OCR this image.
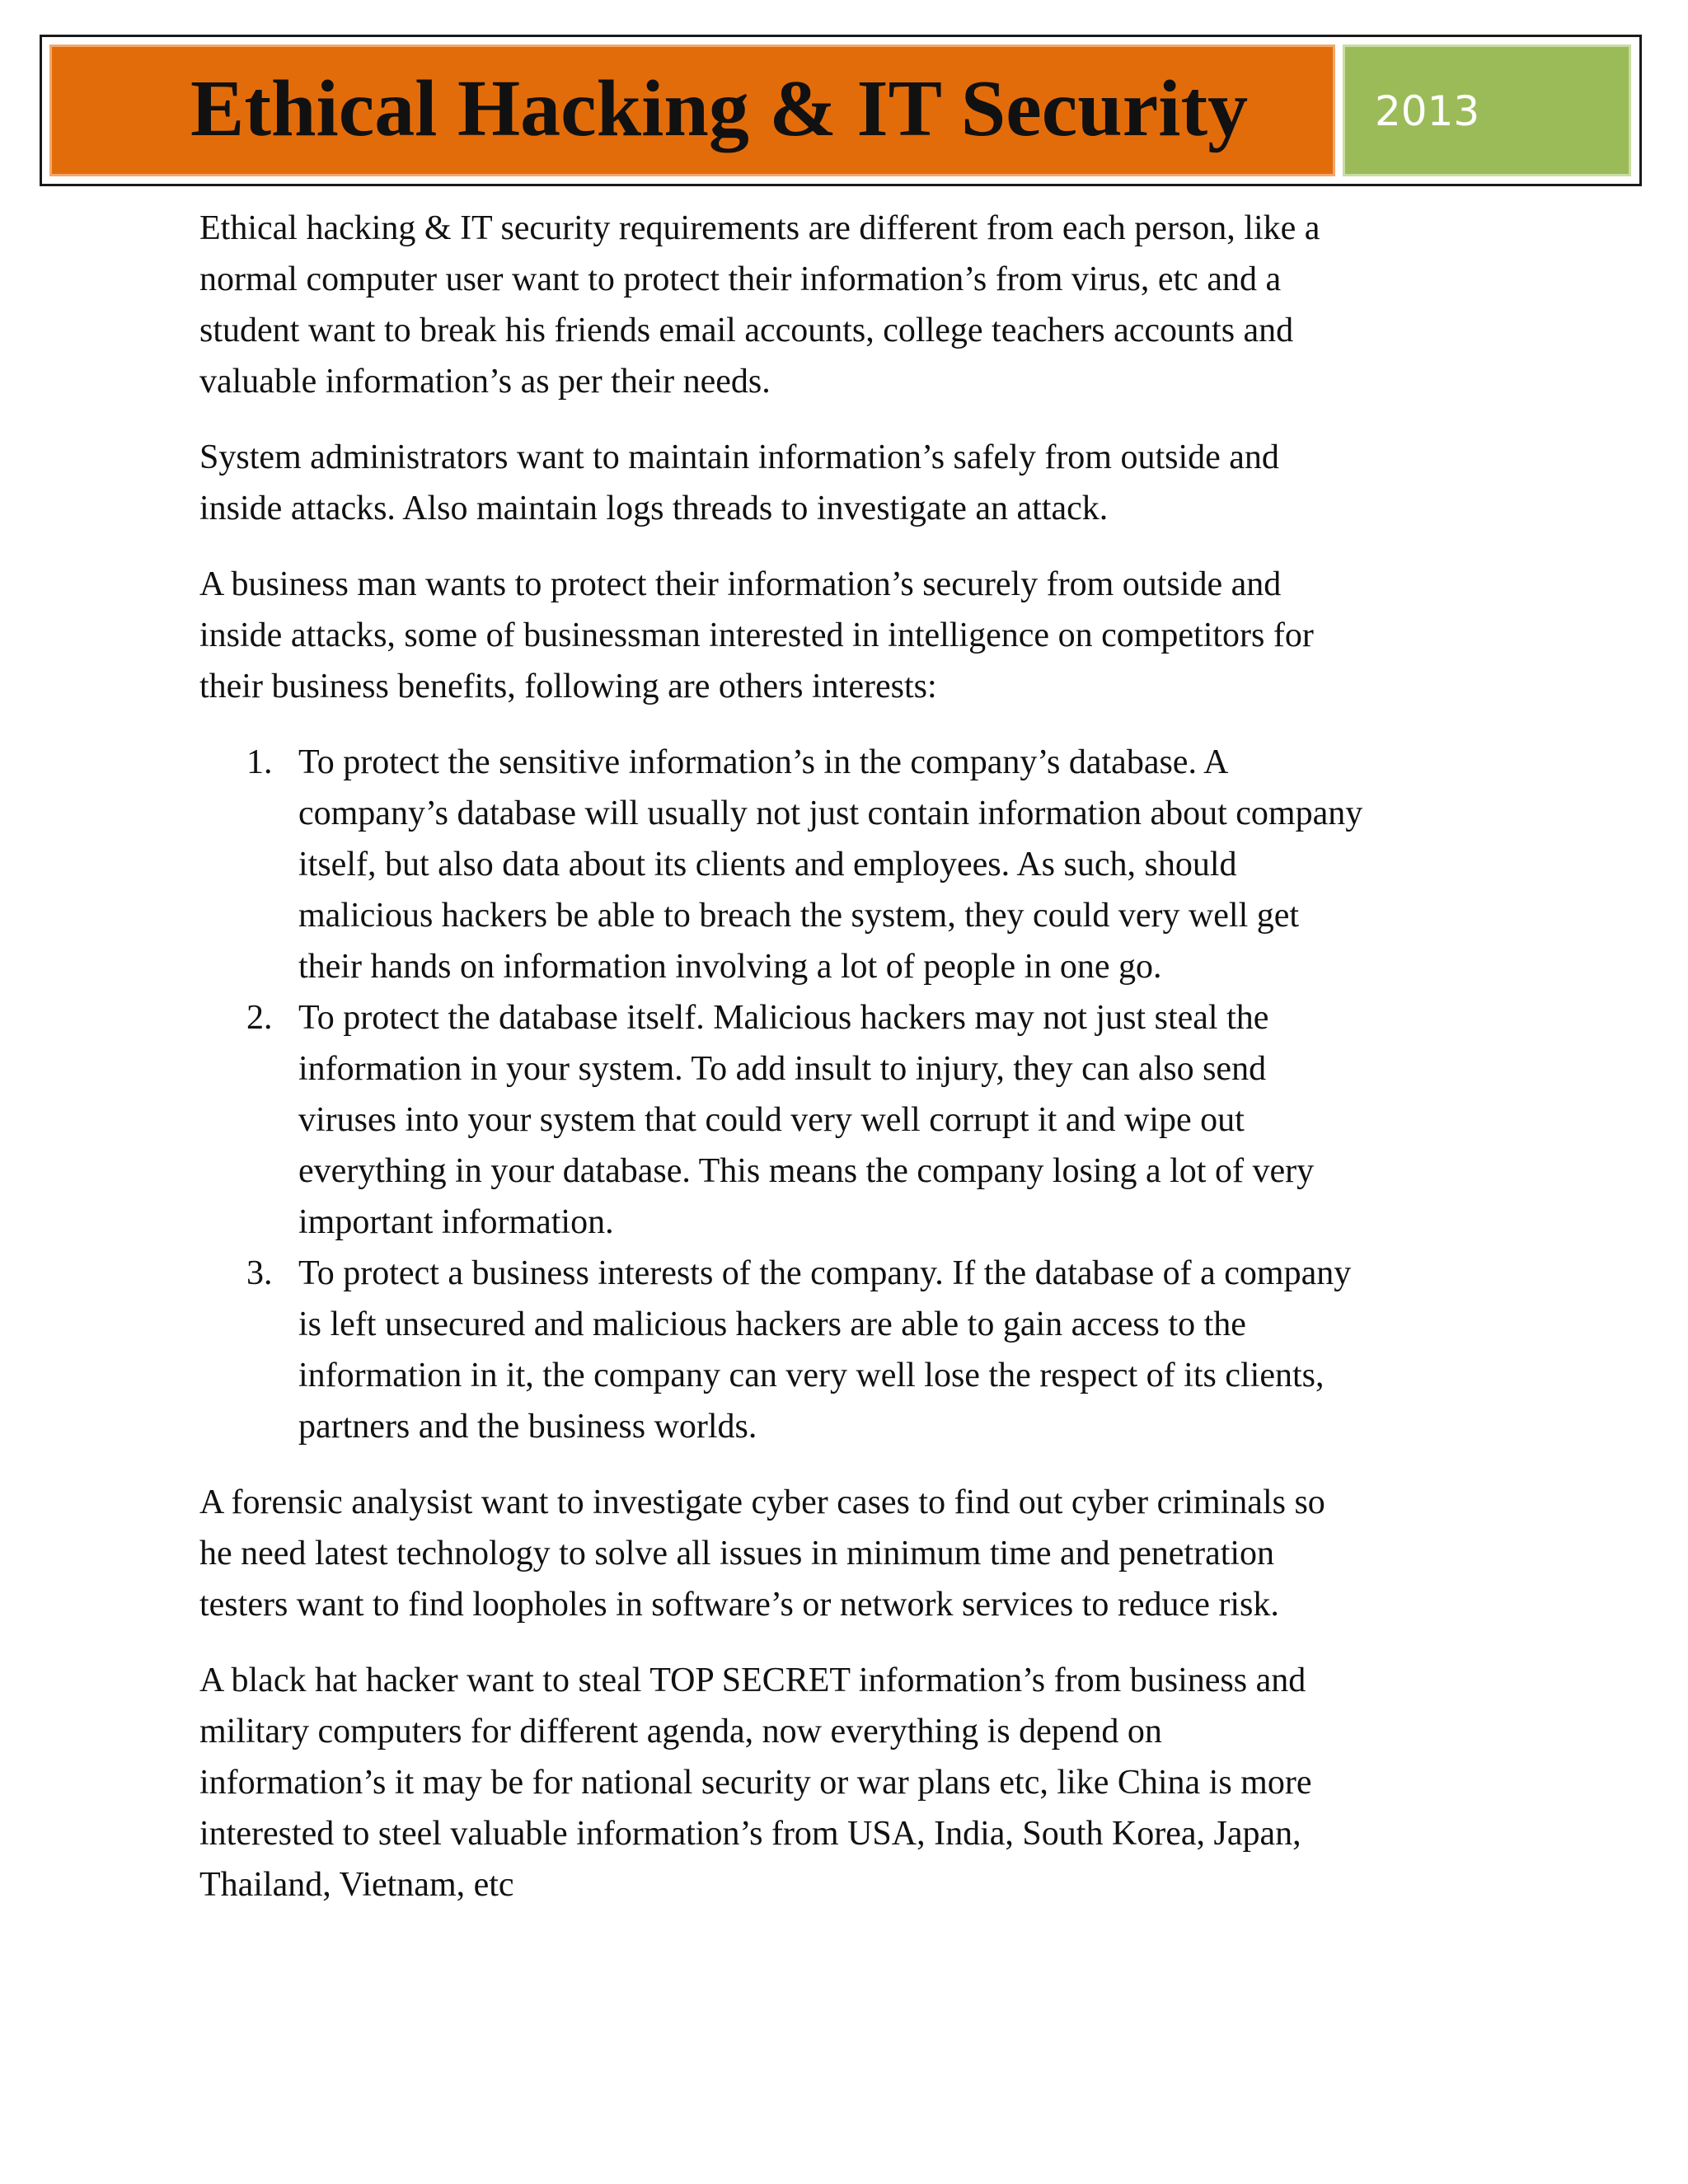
Ethical Hacking & IT Security	2013

Ethical hacking & IT security requirements are different from each person, like a
normal computer user want to protect their information’s from virus, etc and a
student want to break his friends email accounts, college teachers accounts and
valuable information’s as per their needs.

System administrators want to maintain information’s safely from outside and
inside attacks. Also maintain logs threads to investigate an attack.

A business man wants to protect their information’s securely from outside and
inside attacks, some of businessman interested in intelligence on competitors for
their business benefits, following are others interests:

1. To protect the sensitive information’s in the company’s database. A
company’s database will usually not just contain information about company
itself, but also data about its clients and employees. As such, should
malicious hackers be able to breach the system, they could very well get
their hands on information involving a lot of people in one go.
2. To protect the database itself. Malicious hackers may not just steal the
information in your system. To add insult to injury, they can also send
viruses into your system that could very well corrupt it and wipe out
everything in your database. This means the company losing a lot of very
important information.
3. To protect a business interests of the company. If the database of a company
is left unsecured and malicious hackers are able to gain access to the
information in it, the company can very well lose the respect of its clients,
partners and the business worlds.

A forensic analysist want to investigate cyber cases to find out cyber criminals so
he need latest technology to solve all issues in minimum time and penetration
testers want to find loopholes in software’s or network services to reduce risk.

A black hat hacker want to steal TOP SECRET information’s from business and
military computers for different agenda, now everything is depend on
information’s it may be for national security or war plans etc, like China is more
interested to steel valuable information’s from USA, India, South Korea, Japan,
Thailand, Vietnam, etc
